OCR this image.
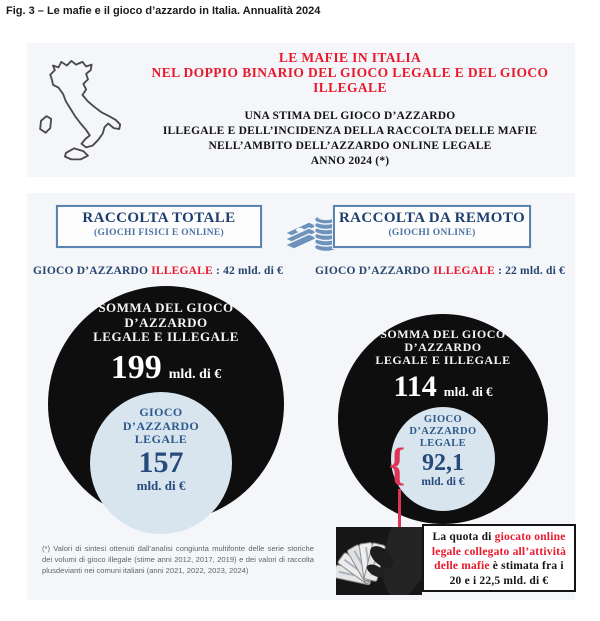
Fig. 3 – Le mafie e il gioco d’azzardo in Italia. Annualità 2024
LE MAFIE IN ITALIA
NEL DOPPIO BINARIO DEL GIOCO LEGALE E DEL GIOCO ILLEGALE
UNA STIMA DEL GIOCO D’AZZARDO
ILLEGALE E DELL’INCIDENZA DELLA RACCOLTA DELLE MAFIE
NELL’AMBITO DELL’AZZARDO ONLINE LEGALE
ANNO 2024 (*)
RACCOLTA TOTALE
(GIOCHI FISICI E ONLINE)
RACCOLTA DA REMOTO
(GIOCHI ONLINE)
GIOCO D’AZZARDO ILLEGALE : 42 mld. di €	GIOCO D’AZZARDO ILLEGALE : 22 mld. di €
SOMMA DEL GIOCO
D’AZZARDO
LEGALE E ILLEGALE
199 mld. di €
GIOCO
D’AZZARDO
LEGALE
157
mld. di €
SOMMA DEL GIOCO
D’AZZARDO
LEGALE E ILLEGALE
114 mld. di €
GIOCO
D’AZZARDO
LEGALE
92,1
mld. di €
{
La quota di giocato online
legale collegato all’attività
delle mafie è stimata fra i
20 e i 22,5 mld. di €
(*) Valori di sintesi ottenuti dall’analisi congiunta multifonte delle serie storiche dei volumi di gioco illegale (stime anni 2012, 2017, 2019) e dei valori di raccolta plusdevianti nei comuni italiani (anni 2021, 2022, 2023, 2024)
